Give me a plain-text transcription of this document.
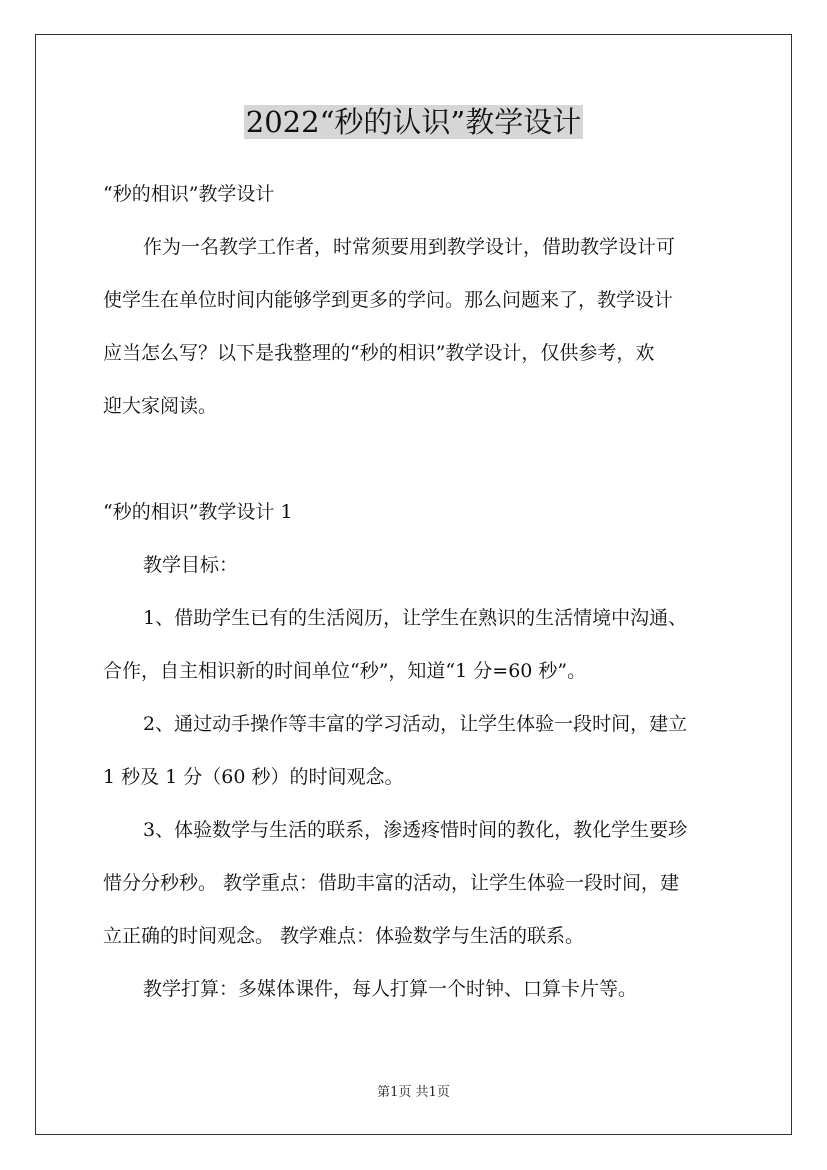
2022“秒的认识”教学设计
“秒的相识”教学设计
作为一名教学工作者，时常须要用到教学设计，借助教学设计可
使学生在单位时间内能够学到更多的学问。那么问题来了，教学设计
应当怎么写？以下是我整理的“秒的相识”教学设计，仅供参考，欢
迎大家阅读。
“秒的相识”教学设计 1
教学目标：
1、借助学生已有的生活阅历，让学生在熟识的生活情境中沟通、
合作，自主相识新的时间单位“秒”，知道“1 分=60 秒”。
2、通过动手操作等丰富的学习活动，让学生体验一段时间，建立
1 秒及 1 分（60 秒）的时间观念。
3、体验数学与生活的联系，渗透疼惜时间的教化，教化学生要珍
惜分分秒秒。 教学重点：借助丰富的活动，让学生体验一段时间，建
立正确的时间观念。 教学难点：体验数学与生活的联系。
教学打算：多媒体课件，每人打算一个时钟、口算卡片等。
第1页 共1页
